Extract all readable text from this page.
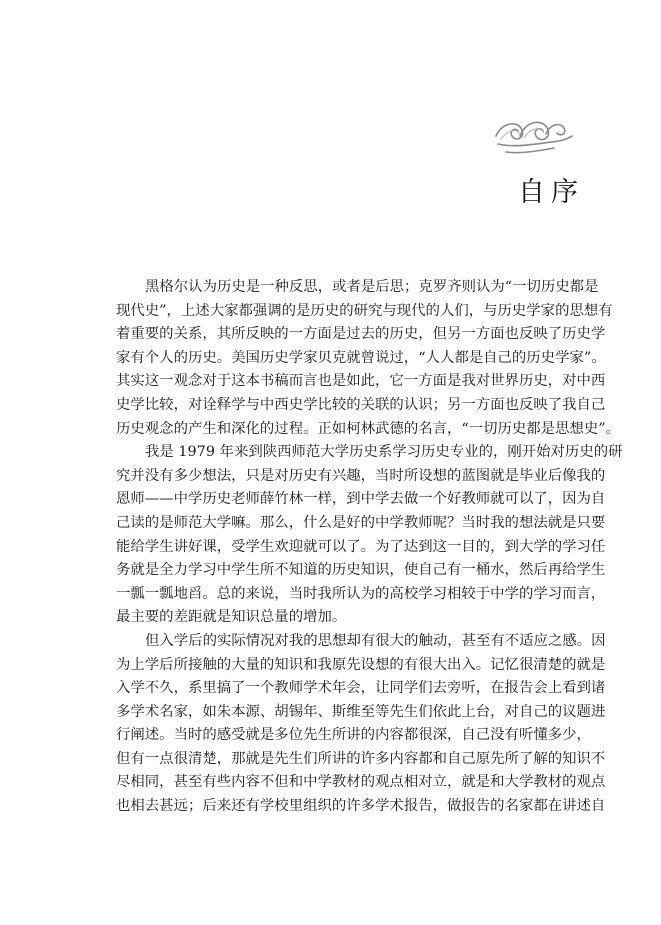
自序
黑格尔认为历史是一种反思，或者是后思；克罗齐则认为“一切历史都是
现代史”，上述大家都强调的是历史的研究与现代的人们，与历史学家的思想有
着重要的关系，其所反映的一方面是过去的历史，但另一方面也反映了历史学
家有个人的历史。美国历史学家贝克就曾说过，“人人都是自己的历史学家”。
其实这一观念对于这本书稿而言也是如此，它一方面是我对世界历史，对中西
史学比较，对诠释学与中西史学比较的关联的认识；另一方面也反映了我自己
历史观念的产生和深化的过程。正如柯林武德的名言，“一切历史都是思想史”。
我是 1979 年来到陕西师范大学历史系学习历史专业的，刚开始对历史的研
究并没有多少想法，只是对历史有兴趣，当时所设想的蓝图就是毕业后像我的
恩师——中学历史老师薛竹林一样，到中学去做一个好教师就可以了，因为自
己读的是师范大学嘛。那么，什么是好的中学教师呢？当时我的想法就是只要
能给学生讲好课，受学生欢迎就可以了。为了达到这一目的，到大学的学习任
务就是全力学习中学生所不知道的历史知识，使自己有一桶水，然后再给学生
一瓢一瓢地舀。总的来说，当时我所认为的高校学习相较于中学的学习而言，
最主要的差距就是知识总量的增加。
但入学后的实际情况对我的思想却有很大的触动，甚至有不适应之感。因
为上学后所接触的大量的知识和我原先设想的有很大出入。记忆很清楚的就是
入学不久，系里搞了一个教师学术年会，让同学们去旁听，在报告会上看到诸
多学术名家，如朱本源、胡锡年、斯维至等先生们依此上台，对自己的议题进
行阐述。当时的感受就是多位先生所讲的内容都很深，自己没有听懂多少，
但有一点很清楚，那就是先生们所讲的许多内容都和自己原先所了解的知识不
尽相同，甚至有些内容不但和中学教材的观点相对立，就是和大学教材的观点
也相去甚远；后来还有学校里组织的许多学术报告，做报告的名家都在讲述自
